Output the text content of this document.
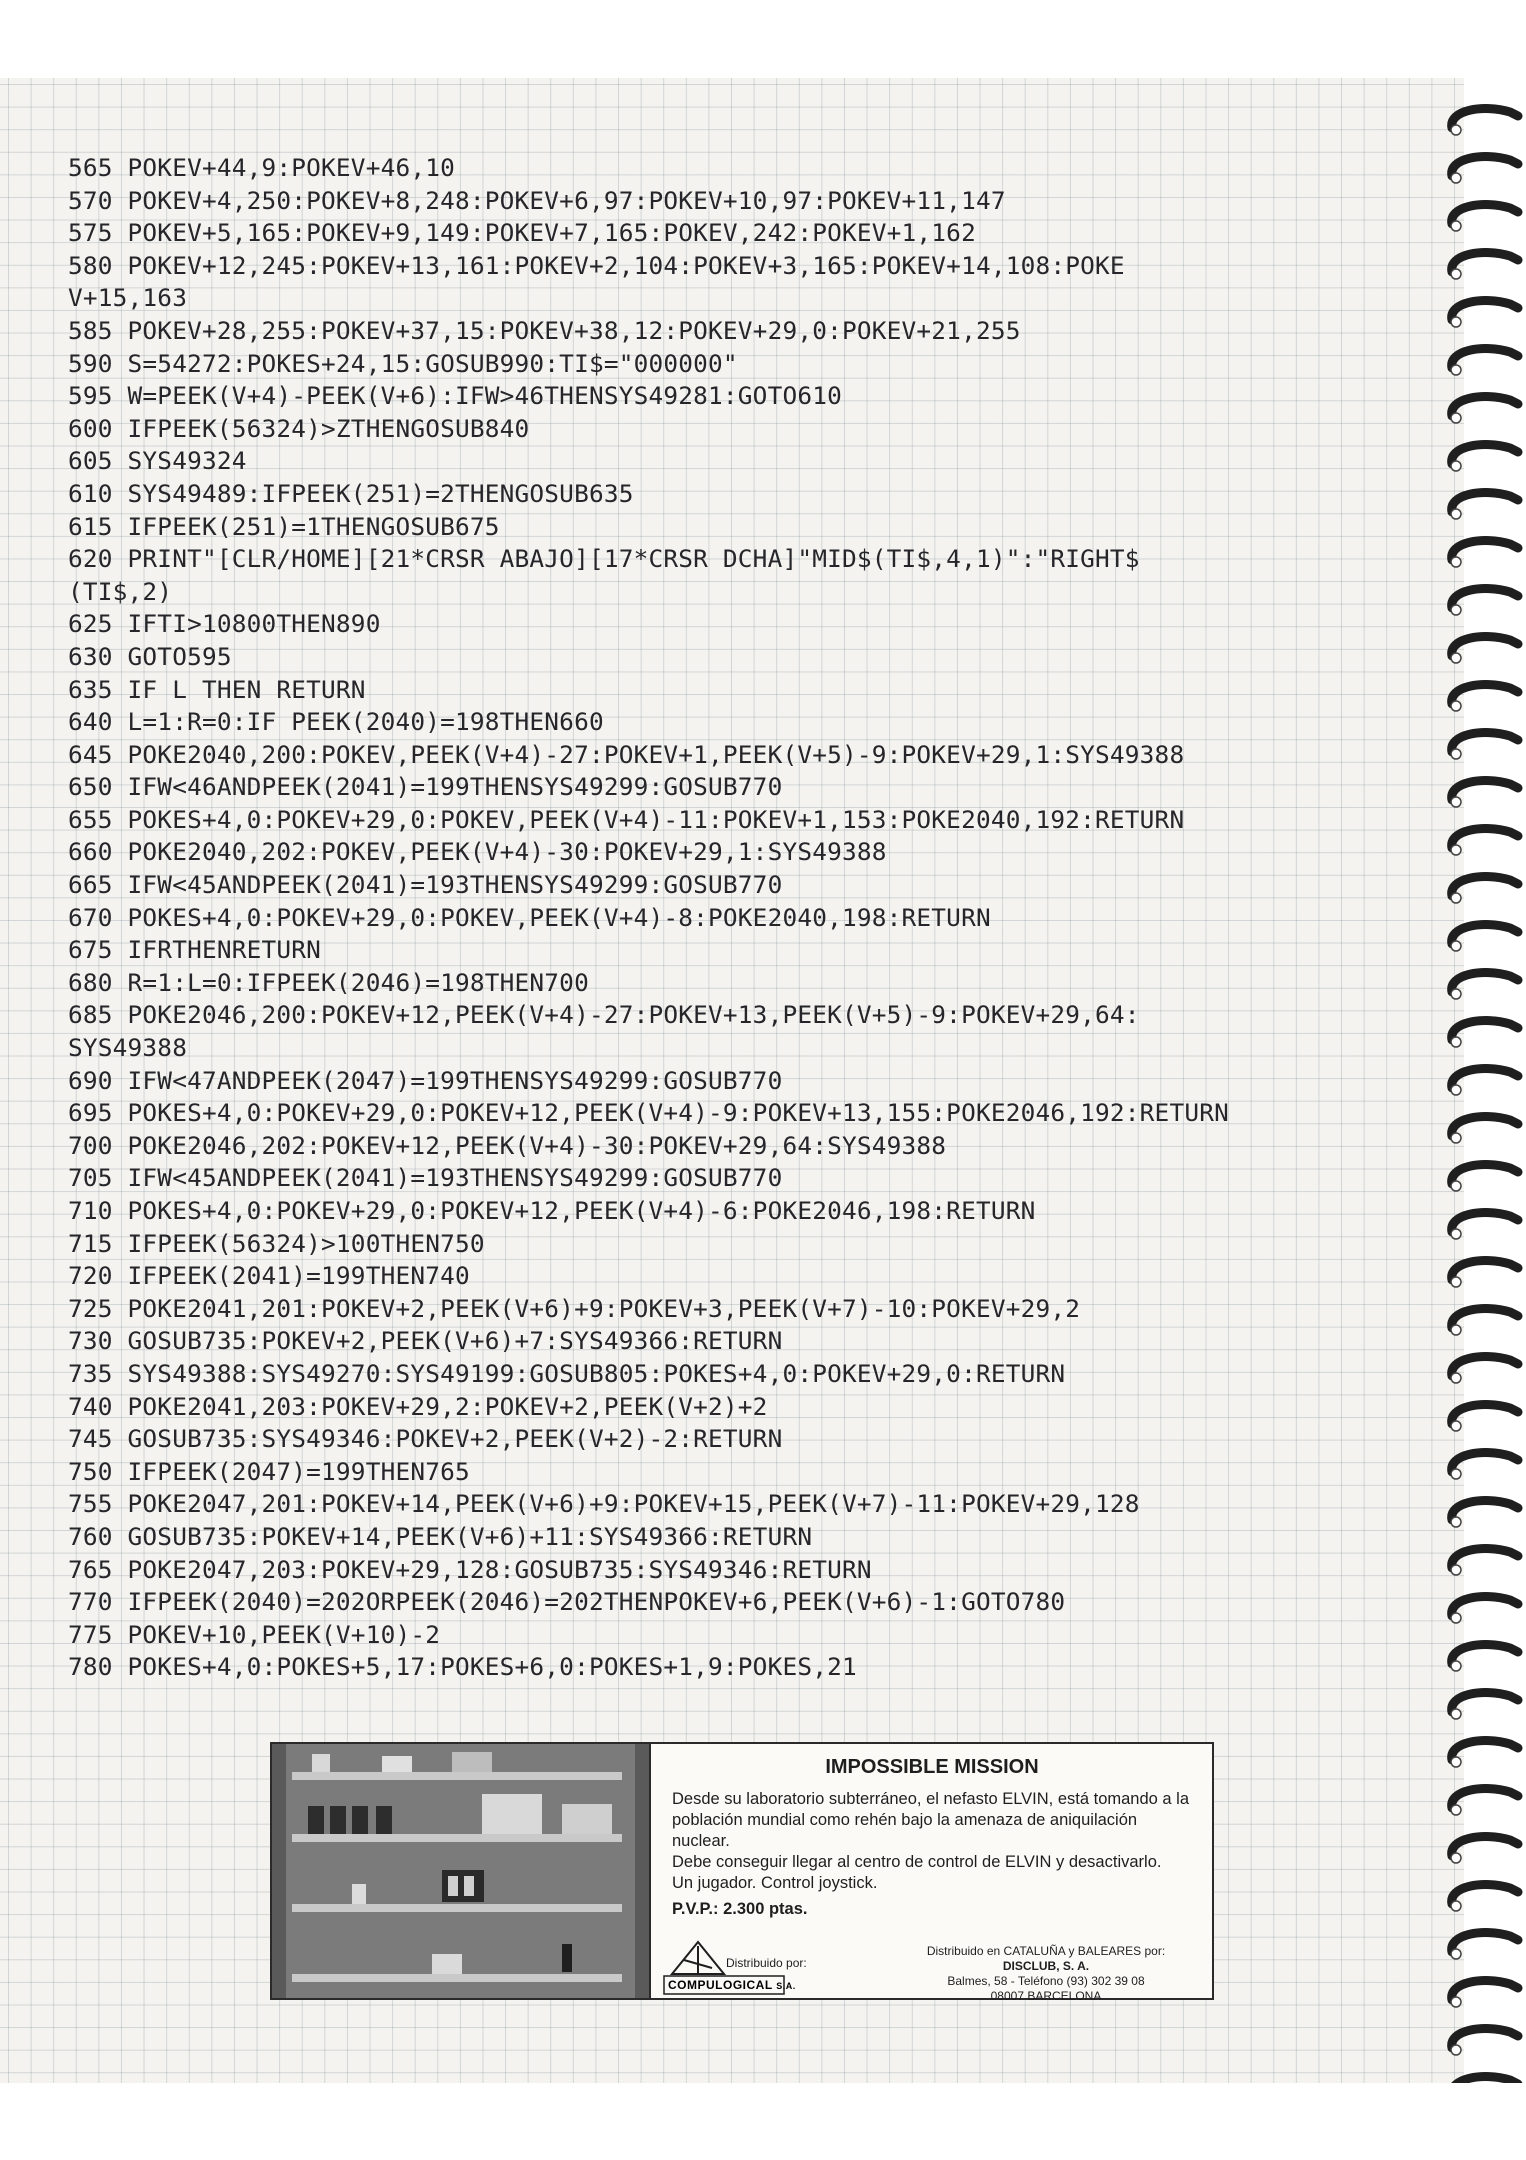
565 POKEV+44,9:POKEV+46,10
570 POKEV+4,250:POKEV+8,248:POKEV+6,97:POKEV+10,97:POKEV+11,147
575 POKEV+5,165:POKEV+9,149:POKEV+7,165:POKEV,242:POKEV+1,162
580 POKEV+12,245:POKEV+13,161:POKEV+2,104:POKEV+3,165:POKEV+14,108:POKE
V+15,163
585 POKEV+28,255:POKEV+37,15:POKEV+38,12:POKEV+29,0:POKEV+21,255
590 S=54272:POKES+24,15:GOSUB990:TI$="000000"
595 W=PEEK(V+4)-PEEK(V+6):IFW>46THENSYS49281:GOTO610
600 IFPEEK(56324)>ZTHENGOSUB840
605 SYS49324
610 SYS49489:IFPEEK(251)=2THENGOSUB635
615 IFPEEK(251)=1THENGOSUB675
620 PRINT"[CLR/HOME][21*CRSR ABAJO][17*CRSR DCHA]"MID$(TI$,4,1)":"RIGHT$
(TI$,2)
625 IFTI>10800THEN890
630 GOTO595
635 IF L THEN RETURN
640 L=1:R=0:IF PEEK(2040)=198THEN660
645 POKE2040,200:POKEV,PEEK(V+4)-27:POKEV+1,PEEK(V+5)-9:POKEV+29,1:SYS49388
650 IFW<46ANDPEEK(2041)=199THENSYS49299:GOSUB770
655 POKES+4,0:POKEV+29,0:POKEV,PEEK(V+4)-11:POKEV+1,153:POKE2040,192:RETURN
660 POKE2040,202:POKEV,PEEK(V+4)-30:POKEV+29,1:SYS49388
665 IFW<45ANDPEEK(2041)=193THENSYS49299:GOSUB770
670 POKES+4,0:POKEV+29,0:POKEV,PEEK(V+4)-8:POKE2040,198:RETURN
675 IFRTHENRETURN
680 R=1:L=0:IFPEEK(2046)=198THEN700
685 POKE2046,200:POKEV+12,PEEK(V+4)-27:POKEV+13,PEEK(V+5)-9:POKEV+29,64:
SYS49388
690 IFW<47ANDPEEK(2047)=199THENSYS49299:GOSUB770
695 POKES+4,0:POKEV+29,0:POKEV+12,PEEK(V+4)-9:POKEV+13,155:POKE2046,192:RETURN
700 POKE2046,202:POKEV+12,PEEK(V+4)-30:POKEV+29,64:SYS49388
705 IFW<45ANDPEEK(2041)=193THENSYS49299:GOSUB770
710 POKES+4,0:POKEV+29,0:POKEV+12,PEEK(V+4)-6:POKE2046,198:RETURN
715 IFPEEK(56324)>100THEN750
720 IFPEEK(2041)=199THEN740
725 POKE2041,201:POKEV+2,PEEK(V+6)+9:POKEV+3,PEEK(V+7)-10:POKEV+29,2
730 GOSUB735:POKEV+2,PEEK(V+6)+7:SYS49366:RETURN
735 SYS49388:SYS49270:SYS49199:GOSUB805:POKES+4,0:POKEV+29,0:RETURN
740 POKE2041,203:POKEV+29,2:POKEV+2,PEEK(V+2)+2
745 GOSUB735:SYS49346:POKEV+2,PEEK(V+2)-2:RETURN
750 IFPEEK(2047)=199THEN765
755 POKE2047,201:POKEV+14,PEEK(V+6)+9:POKEV+15,PEEK(V+7)-11:POKEV+29,128
760 GOSUB735:POKEV+14,PEEK(V+6)+11:SYS49366:RETURN
765 POKE2047,203:POKEV+29,128:GOSUB735:SYS49346:RETURN
770 IFPEEK(2040)=202ORPEEK(2046)=202THENPOKEV+6,PEEK(V+6)-1:GOTO780
775 POKEV+10,PEEK(V+10)-2
780 POKES+4,0:POKES+5,17:POKES+6,0:POKES+1,9:POKES,21
IMPOSSIBLE MISSION

Desde su laboratorio subterráneo, el nefasto ELVIN, está tomando a la población mundial como rehén bajo la amenaza de aniquilación nuclear.

Debe conseguir llegar al centro de control de ELVIN y desactivarlo.

Un jugador. Control joystick.

P.V.P.: 2.300 ptas.
COMPULOGICAL S.A.
Distribuido por:
Distribuido en CATALUÑA y BALEARES por:
DISCLUB, S. A.
Balmes, 58 - Teléfono (93) 302 39 08
08007 BARCELONA
